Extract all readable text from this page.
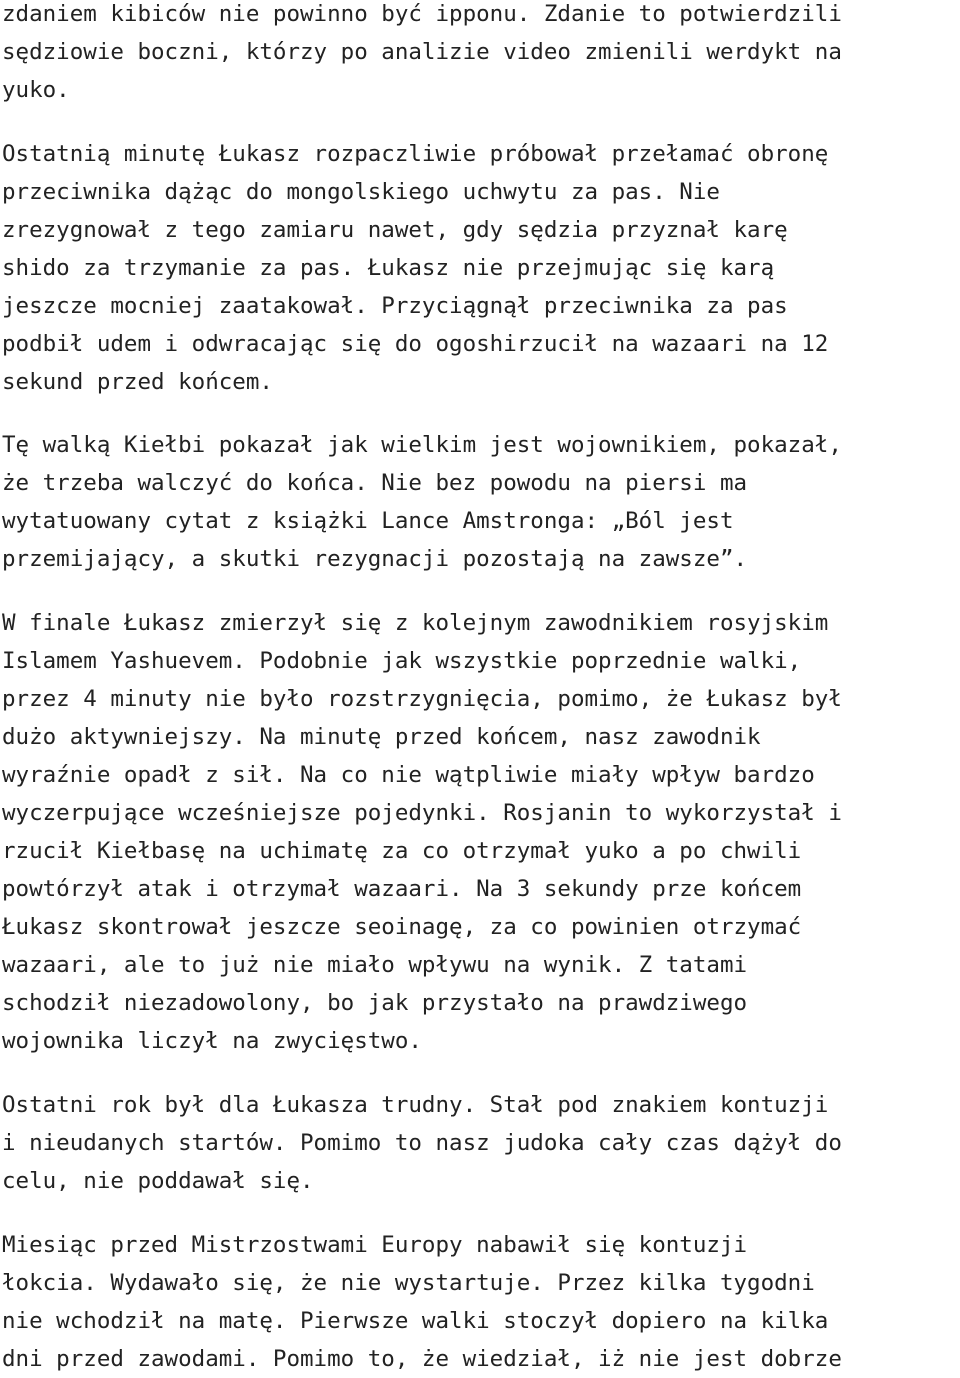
zdaniem kibiców nie powinno być ipponu. Zdanie to potwierdzili
sędziowie boczni, którzy po analizie video zmienili werdykt na
yuko.
Ostatnią minutę Łukasz rozpaczliwie próbował przełamać obronę
przeciwnika dążąc do mongolskiego uchwytu za pas. Nie
zrezygnował z tego zamiaru nawet, gdy sędzia przyznał karę
shido za trzymanie za pas. Łukasz nie przejmując się karą
jeszcze mocniej zaatakował. Przyciągnął przeciwnika za pas
podbił udem i odwracając się do ogoshirzucił na wazaari na 12
sekund przed końcem.
Tę walką Kiełbi pokazał jak wielkim jest wojownikiem, pokazał,
że trzeba walczyć do końca. Nie bez powodu na piersi ma
wytatuowany cytat z książki Lance Amstronga: „Ból jest
przemijający, a skutki rezygnacji pozostają na zawsze”.
W finale Łukasz zmierzył się z kolejnym zawodnikiem rosyjskim
Islamem Yashuevem. Podobnie jak wszystkie poprzednie walki,
przez 4 minuty nie było rozstrzygnięcia, pomimo, że Łukasz był
dużo aktywniejszy. Na minutę przed końcem, nasz zawodnik
wyraźnie opadł z sił. Na co nie wątpliwie miały wpływ bardzo
wyczerpujące wcześniejsze pojedynki. Rosjanin to wykorzystał i
rzucił Kiełbasę na uchimatę za co otrzymał yuko a po chwili
powtórzył atak i otrzymał wazaari. Na 3 sekundy prze końcem
Łukasz skontrował jeszcze seoinagę, za co powinien otrzymać
wazaari, ale to już nie miało wpływu na wynik. Z tatami
schodził niezadowolony, bo jak przystało na prawdziwego
wojownika liczył na zwycięstwo.
Ostatni rok był dla Łukasza trudny. Stał pod znakiem kontuzji
i nieudanych startów. Pomimo to nasz judoka cały czas dążył do
celu, nie poddawał się.
Miesiąc przed Mistrzostwami Europy nabawił się kontuzji
łokcia. Wydawało się, że nie wystartuje. Przez kilka tygodni
nie wchodził na matę. Pierwsze walki stoczył dopiero na kilka
dni przed zawodami. Pomimo to, że wiedział, iż nie jest dobrze
